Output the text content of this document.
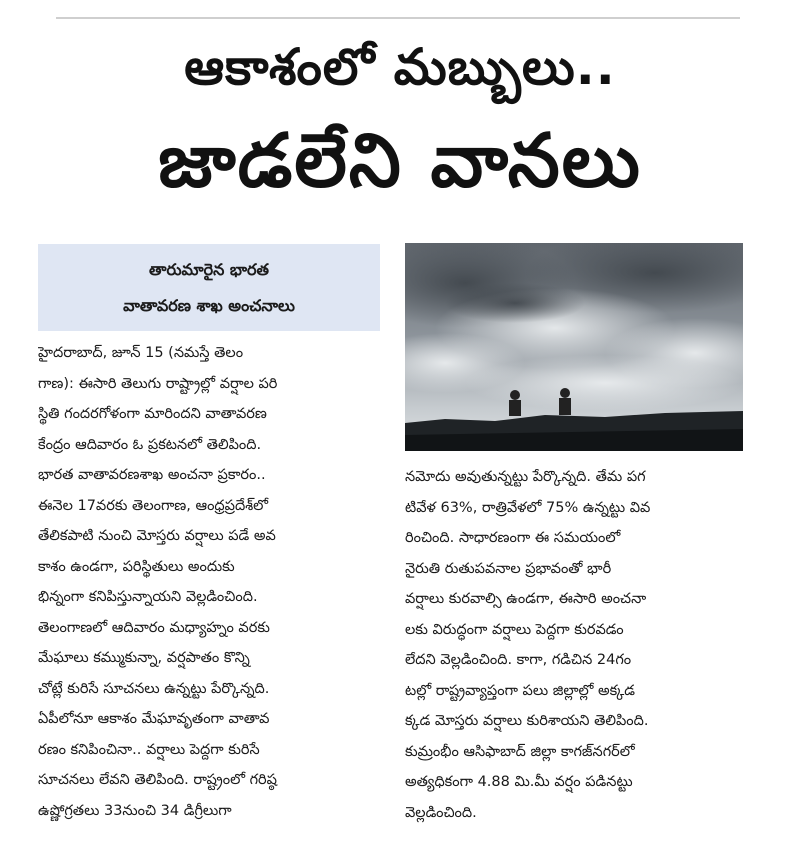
ఆకాశంలో మబ్బులు..
జాడలేని వానలు
తారుమారైన భారత
వాతావరణ శాఖ అంచనాలు
హైదరాబాద్, జూన్ 15 (నమస్తే తెలం
గాణ): ఈసారి తెలుగు రాష్ట్రాల్లో వర్షాల పరి
స్థితి గందరగోళంగా మారిందని వాతావరణ
కేంద్రం ఆదివారం ఓ ప్రకటనలో తెలిపింది.
భారత వాతావరణశాఖ అంచనా ప్రకారం..
ఈనెల 17వరకు తెలంగాణ, ఆంధ్రప్రదేశ్‌లో
తేలికపాటి నుంచి మోస్తరు వర్షాలు పడే అవ
కాశం ఉండగా, పరిస్థితులు అందుకు
భిన్నంగా కనిపిస్తున్నాయని వెల్లడించింది.
తెలంగాణలో ఆదివారం మధ్యాహ్నం వరకు
మేఘాలు కమ్ముకున్నా, వర్షపాతం కొన్ని
చోట్లే కురిసే సూచనలు ఉన్నట్టు పేర్కొన్నది.
ఏపీలోనూ ఆకాశం మేఘావృతంగా వాతావ
రణం కనిపించినా.. వర్షాలు పెద్దగా కురిసే
సూచనలు లేవని తెలిపింది. రాష్ట్రంలో గరిష్ఠ
ఉష్ణోగ్రతలు 33నుంచి 34 డిగ్రీలుగా
నమోదు అవుతున్నట్టు పేర్కొన్నది. తేమ పగ
టివేళ 63%, రాత్రివేళలో 75% ఉన్నట్టు వివ
రించింది. సాధారణంగా ఈ సమయంలో
నైరుతి రుతుపవనాల ప్రభావంతో భారీ
వర్షాలు కురవాల్సి ఉండగా, ఈసారి అంచనా
లకు విరుద్ధంగా వర్షాలు పెద్దగా కురవడం
లేదని వెల్లడించింది. కాగా, గడిచిన 24గం
టల్లో రాష్ట్రవ్యాప్తంగా పలు జిల్లాల్లో అక్కడ
క్కడ మోస్తరు వర్షాలు కురిశాయని తెలిపింది.
కుమ్రంభీం ఆసిఫాబాద్ జిల్లా కాగజ్‌నగర్‌లో
అత్యధికంగా 4.88 మి.మీ వర్షం పడినట్టు
వెల్లడించింది.
